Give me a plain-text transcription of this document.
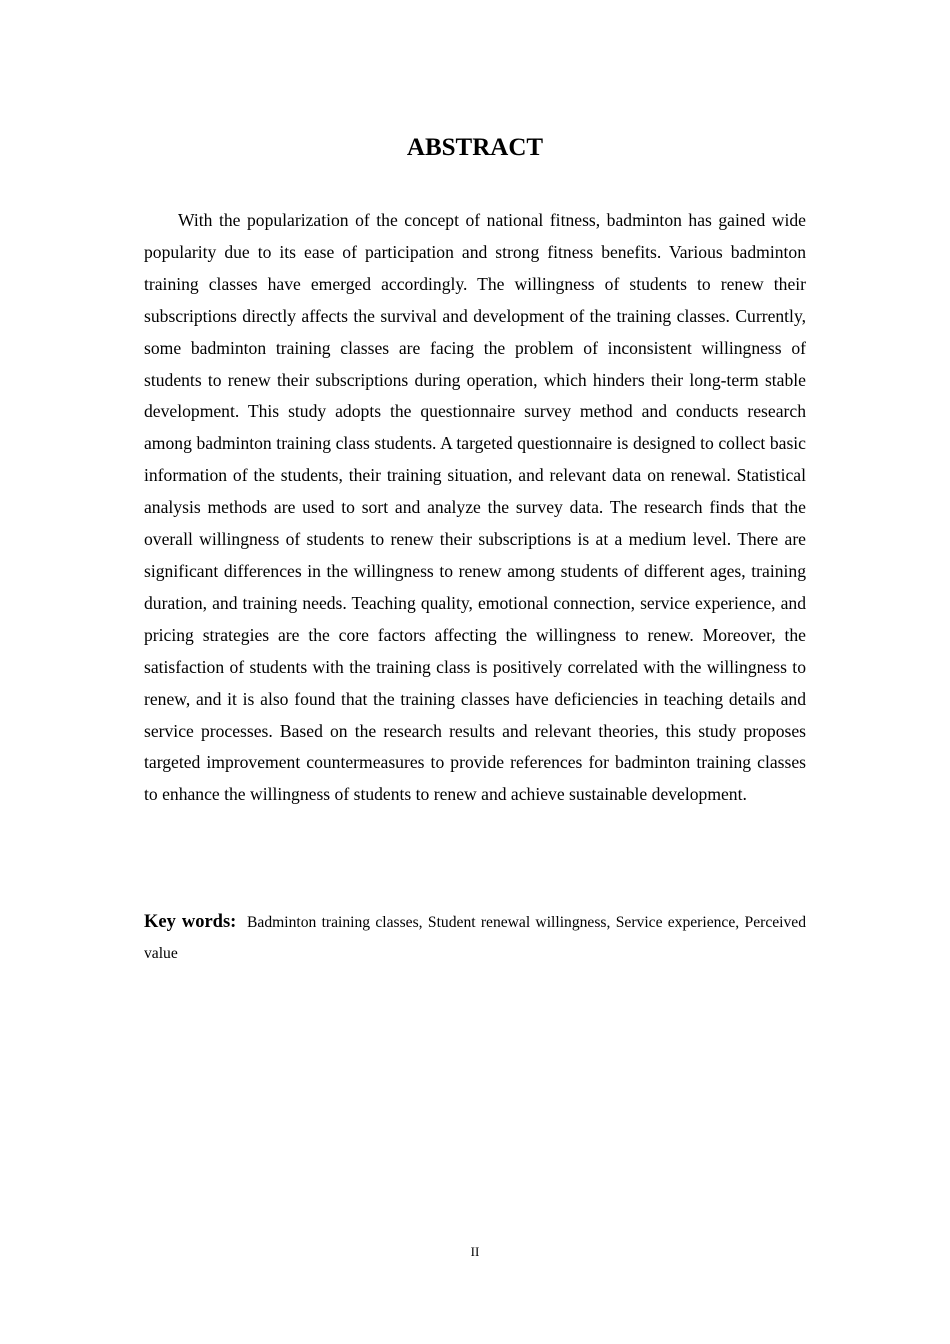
ABSTRACT

With the popularization of the concept of national fitness, badminton has gained wide popularity due to its ease of participation and strong fitness benefits. Various badminton training classes have emerged accordingly. The willingness of students to renew their subscriptions directly affects the survival and development of the training classes. Currently, some badminton training classes are facing the problem of inconsistent willingness of students to renew their subscriptions during operation, which hinders their long-term stable development. This study adopts the questionnaire survey method and conducts research among badminton training class students. A targeted questionnaire is designed to collect basic information of the students, their training situation, and relevant data on renewal. Statistical analysis methods are used to sort and analyze the survey data. The research finds that the overall willingness of students to renew their subscriptions is at a medium level. There are significant differences in the willingness to renew among students of different ages, training duration, and training needs. Teaching quality, emotional connection, service experience, and pricing strategies are the core factors affecting the willingness to renew. Moreover, the satisfaction of students with the training class is positively correlated with the willingness to renew, and it is also found that the training classes have deficiencies in teaching details and service processes. Based on the research results and relevant theories, this study proposes targeted improvement countermeasures to provide references for badminton training classes to enhance the willingness of students to renew and achieve sustainable development.

Key words: Badminton training classes, Student renewal willingness, Service experience, Perceived value

II
